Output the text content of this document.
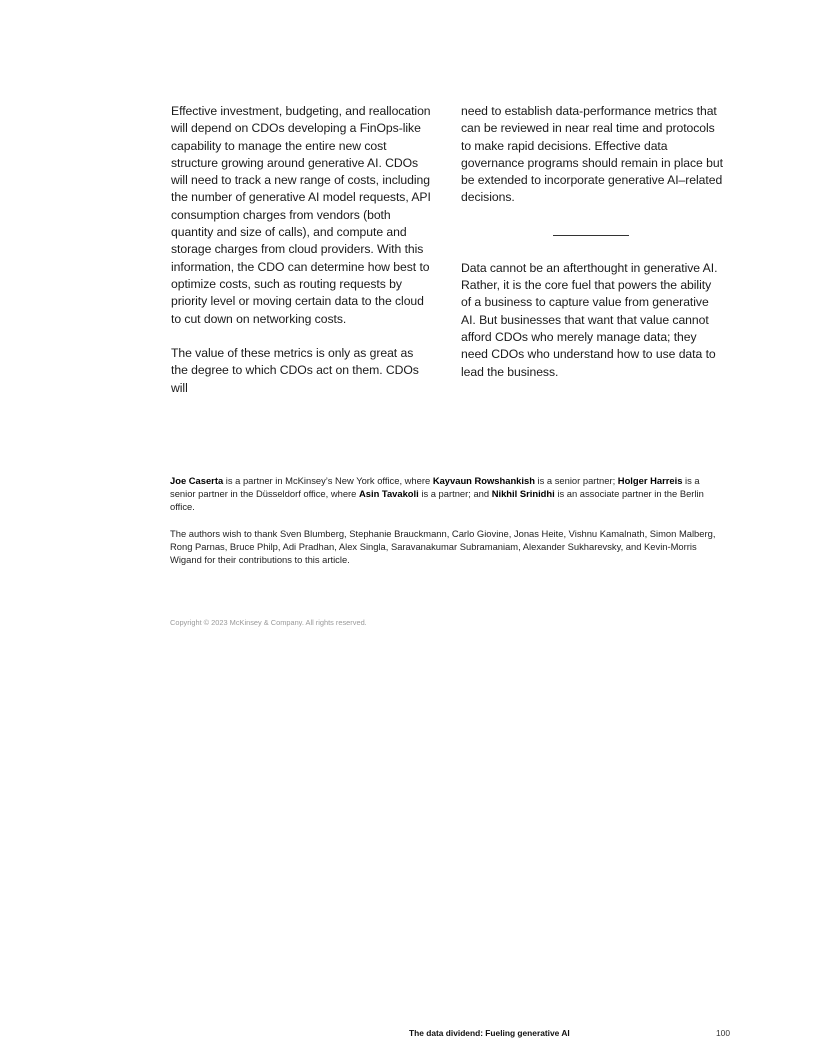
Effective investment, budgeting, and reallocation will depend on CDOs developing a FinOps-like capability to manage the entire new cost structure growing around generative AI. CDOs will need to track a new range of costs, including the number of generative AI model requests, API consumption charges from vendors (both quantity and size of calls), and compute and storage charges from cloud providers. With this information, the CDO can determine how best to optimize costs, such as routing requests by priority level or moving certain data to the cloud to cut down on networking costs.

The value of these metrics is only as great as the degree to which CDOs act on them. CDOs will

need to establish data-performance metrics that can be reviewed in near real time and protocols to make rapid decisions. Effective data governance programs should remain in place but be extended to incorporate generative AI–related decisions.

Data cannot be an afterthought in generative AI. Rather, it is the core fuel that powers the ability of a business to capture value from generative AI. But businesses that want that value cannot afford CDOs who merely manage data; they need CDOs who understand how to use data to lead the business.

Joe Caserta is a partner in McKinsey’s New York office, where Kayvaun Rowshankish is a senior partner; Holger Harreis is a senior partner in the Düsseldorf office, where Asin Tavakoli is a partner; and Nikhil Srinidhi is an associate partner in the Berlin office.

The authors wish to thank Sven Blumberg, Stephanie Brauckmann, Carlo Giovine, Jonas Heite, Vishnu Kamalnath, Simon Malberg, Rong Parnas, Bruce Philp, Adi Pradhan, Alex Singla, Saravanakumar Subramaniam, Alexander Sukharevsky, and Kevin-Morris Wigand for their contributions to this article.

Copyright © 2023 McKinsey & Company. All rights reserved.

The data dividend: Fueling generative AI	100
